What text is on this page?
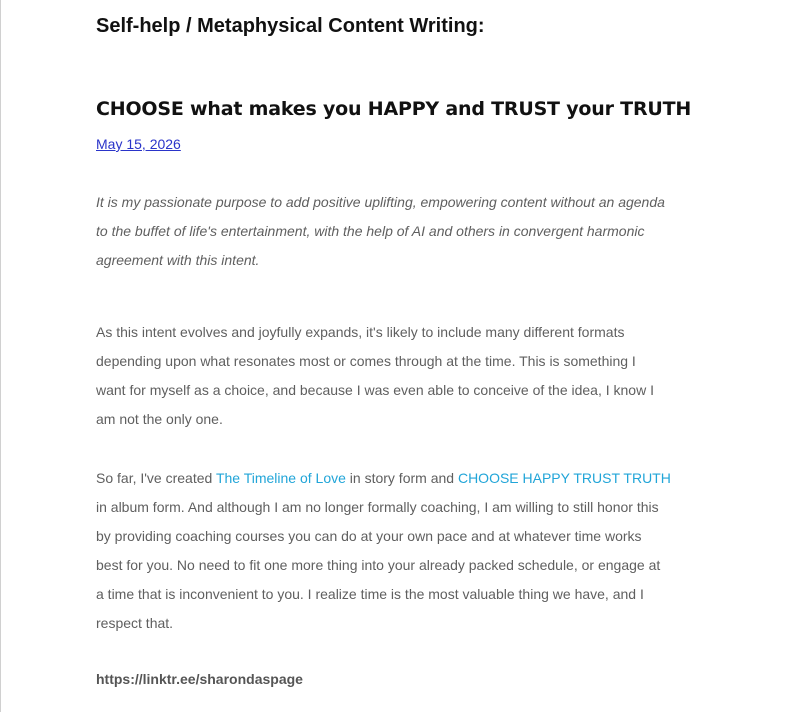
Self-help / Metaphysical Content Writing:
CHOOSE what makes you HAPPY and TRUST your TRUTH
May 15, 2026

It is my passionate purpose to add positive uplifting, empowering content without an agenda
to the buffet of life's entertainment, with the help of AI and others in convergent harmonic
agreement with this intent.

As this intent evolves and joyfully expands, it's likely to include many different formats
depending upon what resonates most or comes through at the time. This is something I
want for myself as a choice, and because I was even able to conceive of the idea, I know I
am not the only one.

So far, I've created The Timeline of Love in story form and CHOOSE HAPPY TRUST TRUTH
in album form. And although I am no longer formally coaching, I am willing to still honor this
by providing coaching courses you can do at your own pace and at whatever time works
best for you. No need to fit one more thing into your already packed schedule, or engage at
a time that is inconvenient to you. I realize time is the most valuable thing we have, and I
respect that.

https://linktr.ee/sharondaspage
